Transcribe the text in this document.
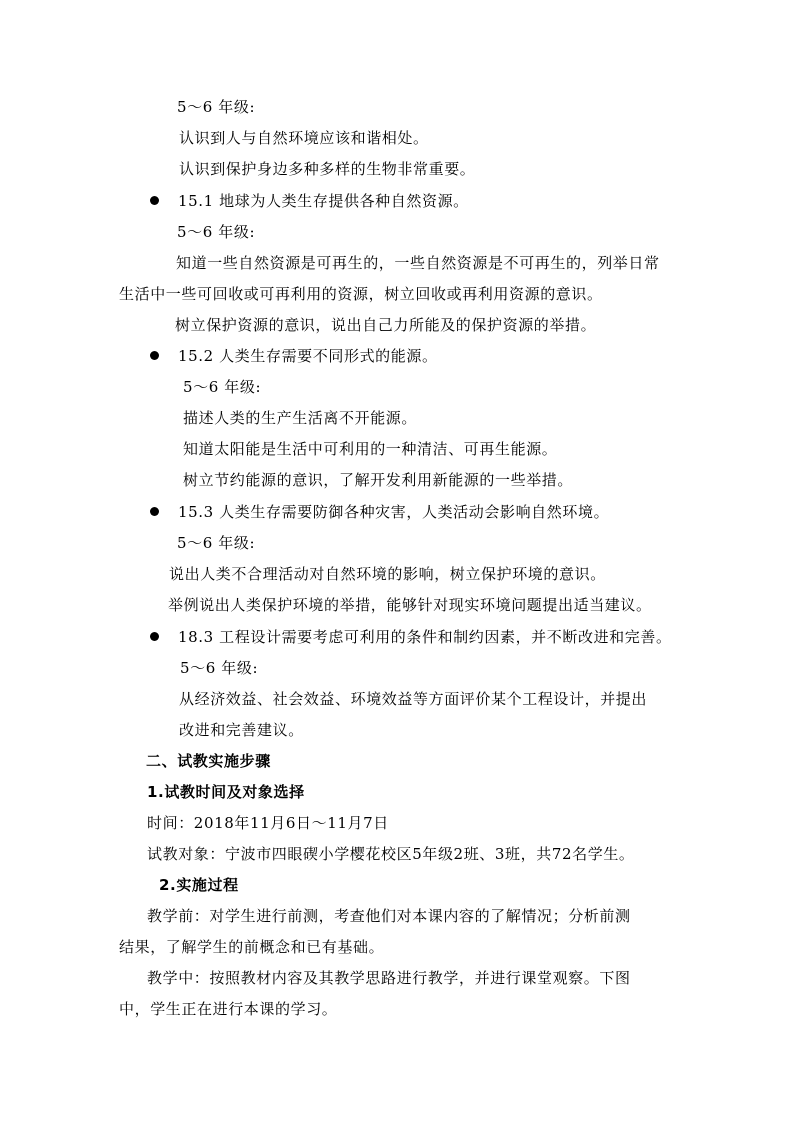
5～6 年级:
认识到人与自然环境应该和谐相处。
认识到保护身边多种多样的生物非常重要。
15.1 地球为人类生存提供各种自然资源。
5～6 年级:
知道一些自然资源是可再生的，一些自然资源是不可再生的，列举日常
生活中一些可回收或可再利用的资源，树立回收或再利用资源的意识。
树立保护资源的意识，说出自己力所能及的保护资源的举措。
15.2 人类生存需要不同形式的能源。
5～6 年级:
描述人类的生产生活离不开能源。
知道太阳能是生活中可利用的一种清洁、可再生能源。
树立节约能源的意识，了解开发利用新能源的一些举措。
15.3 人类生存需要防御各种灾害，人类活动会影响自然环境。
5～6 年级:
说出人类不合理活动对自然环境的影响，树立保护环境的意识。
举例说出人类保护环境的举措，能够针对现实环境问题提出适当建议。
18.3 工程设计需要考虑可利用的条件和制约因素，并不断改进和完善。
5～6 年级:
从经济效益、社会效益、环境效益等方面评价某个工程设计，并提出
改进和完善建议。
二、试教实施步骤
1.试教时间及对象选择
时间：2018年11月6日～11月7日
试教对象：宁波市四眼碶小学樱花校区5年级2班、3班，共72名学生。
2.实施过程
教学前：对学生进行前测，考查他们对本课内容的了解情况；分析前测
结果，了解学生的前概念和已有基础。
教学中：按照教材内容及其教学思路进行教学，并进行课堂观察。下图
中，学生正在进行本课的学习。
